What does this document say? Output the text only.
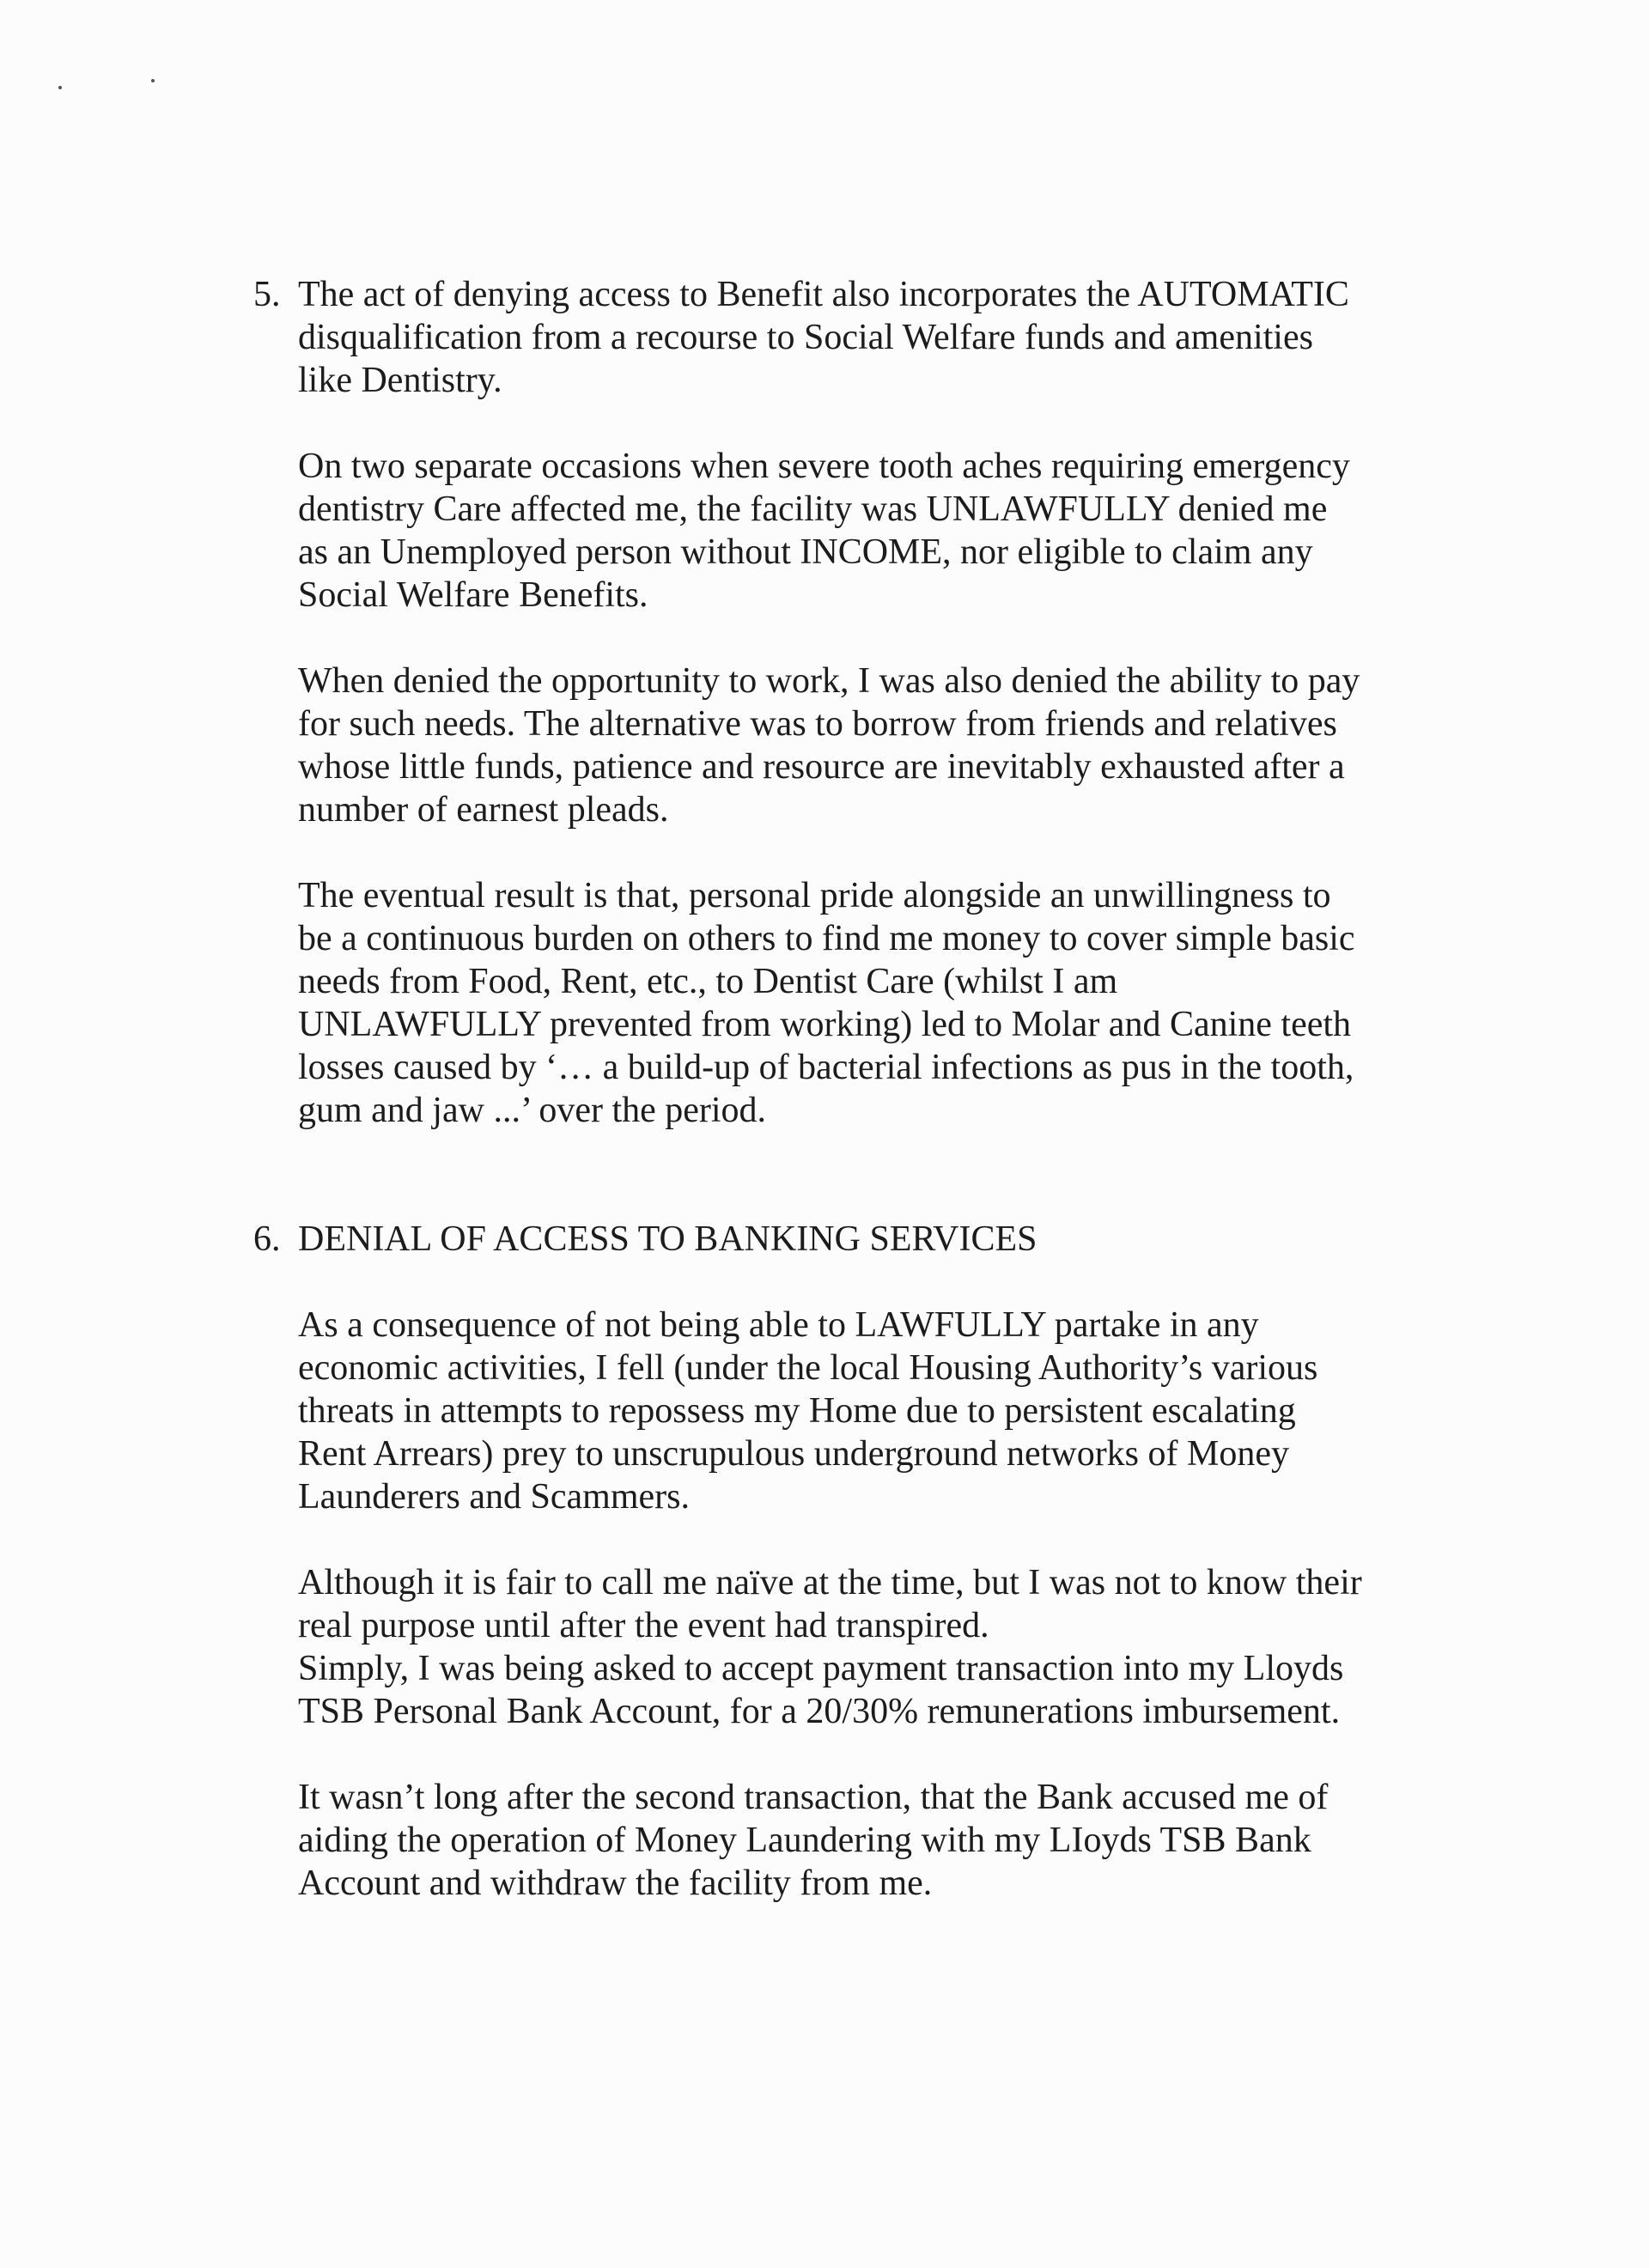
5. The act of denying access to Benefit also incorporates the AUTOMATIC
disqualification from a recourse to Social Welfare funds and amenities
like Dentistry.

On two separate occasions when severe tooth aches requiring emergency
dentistry Care affected me, the facility was UNLAWFULLY denied me
as an Unemployed person without INCOME, nor eligible to claim any
Social Welfare Benefits.

When denied the opportunity to work, I was also denied the ability to pay
for such needs. The alternative was to borrow from friends and relatives
whose little funds, patience and resource are inevitably exhausted after a
number of earnest pleads.

The eventual result is that, personal pride alongside an unwillingness to
be a continuous burden on others to find me money to cover simple basic
needs from Food, Rent, etc., to Dentist Care (whilst I am
UNLAWFULLY prevented from working) led to Molar and Canine teeth
losses caused by ‘… a build-up of bacterial infections as pus in the tooth,
gum and jaw ...’ over the period.

6. DENIAL OF ACCESS TO BANKING SERVICES

As a consequence of not being able to LAWFULLY partake in any
economic activities, I fell (under the local Housing Authority’s various
threats in attempts to repossess my Home due to persistent escalating
Rent Arrears) prey to unscrupulous underground networks of Money
Launderers and Scammers.

Although it is fair to call me naïve at the time, but I was not to know their
real purpose until after the event had transpired.
Simply, I was being asked to accept payment transaction into my Lloyds
TSB Personal Bank Account, for a 20/30% remunerations imbursement.

It wasn’t long after the second transaction, that the Bank accused me of
aiding the operation of Money Laundering with my LIoyds TSB Bank
Account and withdraw the facility from me.
